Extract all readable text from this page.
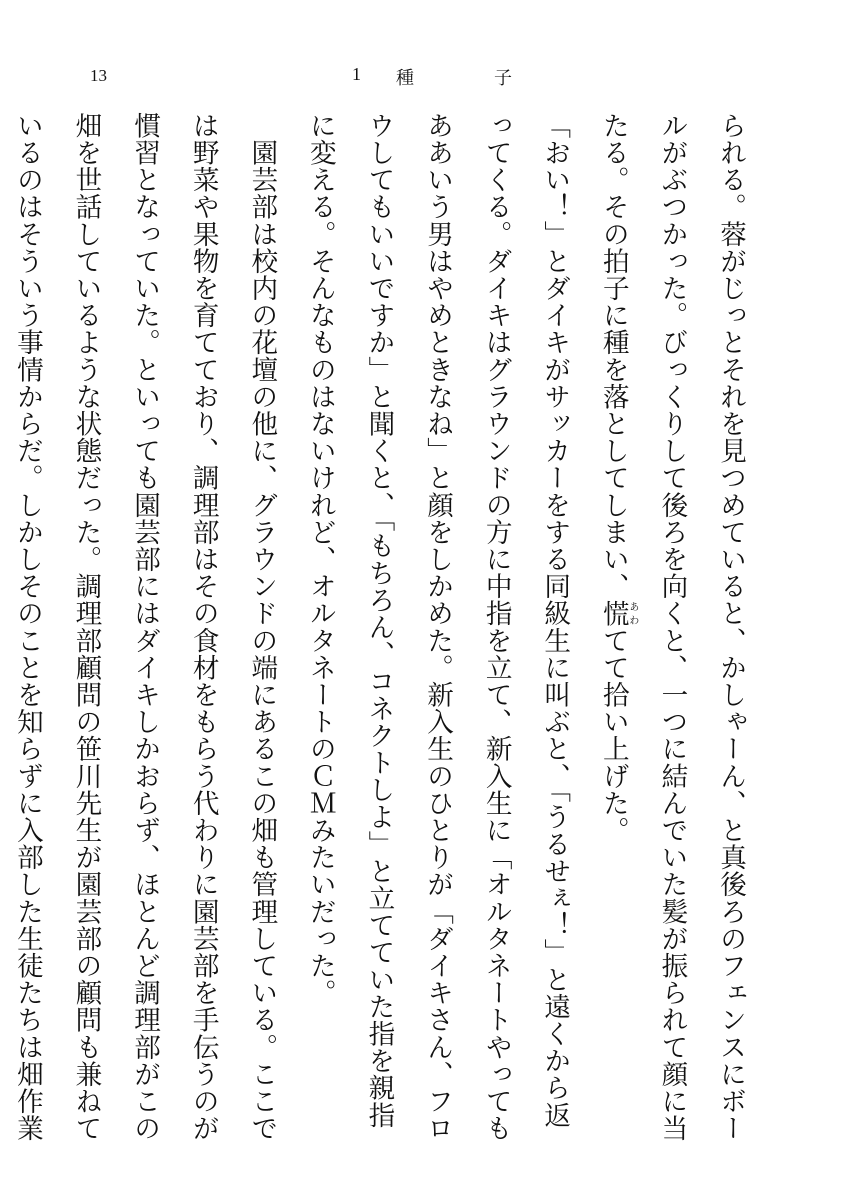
13	1 種	子
られる。蓉がじっとそれを見つめていると、かしゃーん、と真後ろのフェンスにボー
ルがぶつかった。びっくりして後ろを向くと、一つに結んでいた髪が振られて顔に当
たる。その拍子に種を落としてしまい、慌あわてて拾い上げた。
「おい！」とダイキがサッカーをする同級生に叫ぶと、「うるせぇ！」と遠くから返
ってくる。ダイキはグラウンドの方に中指を立て、新入生に「オルタネートやっても
ああいう男はやめときなね」と顔をしかめた。新入生のひとりが「ダイキさん、フロ
ウしてもいいですか」と聞くと、「もちろん、コネクトしよ」と立てていた指を親指
に変える。そんなものはないけれど、オルタネートのＣＭみたいだった。
　園芸部は校内の花壇の他に、グラウンドの端にあるこの畑も管理している。ここで
は野菜や果物を育てており、調理部はその食材をもらう代わりに園芸部を手伝うのが
慣習となっていた。といっても園芸部にはダイキしかおらず、ほとんど調理部がこの
畑を世話しているような状態だった。調理部顧問の笹川先生が園芸部の顧問も兼ねて
いるのはそういう事情からだ。しかしそのことを知らずに入部した生徒たちは畑作業
